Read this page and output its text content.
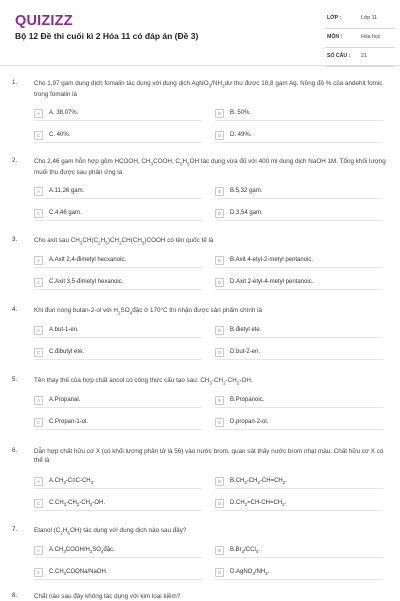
QUIZIZZ
Bộ 12 Đề thi cuối kì 2 Hóa 11 có đáp án (Đề 3)
LỚP :	Lớp 11
MÔN :	Hóa học
SỐ CÂU : 21
1.	Cho 1,97 gam dung dịch fomalin tác dụng với dung dịch $AgNO_3/NH_3dư$ thu được 10,8 gam Ag. Nồng độ % của andehit fomic trong fomalin là
A	A. 38,07%.	B	B. 50%.
C	C. 40%.	D	D. 49%.
2.	Cho 2,46 gam hỗn hợp gồm HCOOH, $CH_3COOH$, $C_6H_5OH$ tác dụng vừa đủ với 400 ml dung dịch NaOH 1M. Tổng khối lượng muối thu được sau phản ứng là
A	A.11,26 gam.	B	B.5,32 gam.
C	C.4,46 gam.	D	D.3,54 gam.
3.	Cho axit sau $CH_3CH(C_2H_5)CH_2CH(CH_3)COOH$ có tên quốc tế là
A	A.Axit 2,4-đimetyl hecxanoic.	B	B.Axit 4-etyl-2-metyl pentanoic.
C	C.Axit 3,5-đimetyl hexanoic.	D	D.Axit 2-etyl-4-metyl pentanoic.
4.	Khi đun nóng butan-2-ol với $H_2SO_4đặc$ ở 170°C thì nhận được sản phẩm chính là
A	A.but-1-en.	B	B.đietyl ete.
C	C.đibutyl ete.	D	D.but-2-en.
5.	Tên thay thế của hợp chất ancol có công thức cấu tạo sau: $CH_3-CH_2-CH_2-OH$.
A	A.Propanal.	B	B.Propanoic.
C	C.Propan-1-ol.	D	D.propan-2-ol.
6.	Dẫn hợp chất hữu cơ X (có khối lượng phân tử là 56) vào nước brom, quan sát thấy nước brom nhạt màu. Chất hữu cơ X có thể là
A	$A.CH_3-C\equiv C-CH_3$.	B	$B.CH_3-CH_2-CH=CH_2$.
C	$C.CH_3-CH_2-CH_2-OH$.	D	$D.CH_2=CH-CH=CH_2$.
7.	Etanol $(C_2H_5OH)$ tác dụng với dung dịch nào sau đây?
A	$A.CH_3COOH/H_2SO_4đặc$.	B	$B.Br_2/CCl_4$.
C	$C.CH_3COONa$/NaOH.	D	$D.AgNO_3/NH_3$.
8.	Chất nào sau đây không tác dụng với kim loại kiềm?
